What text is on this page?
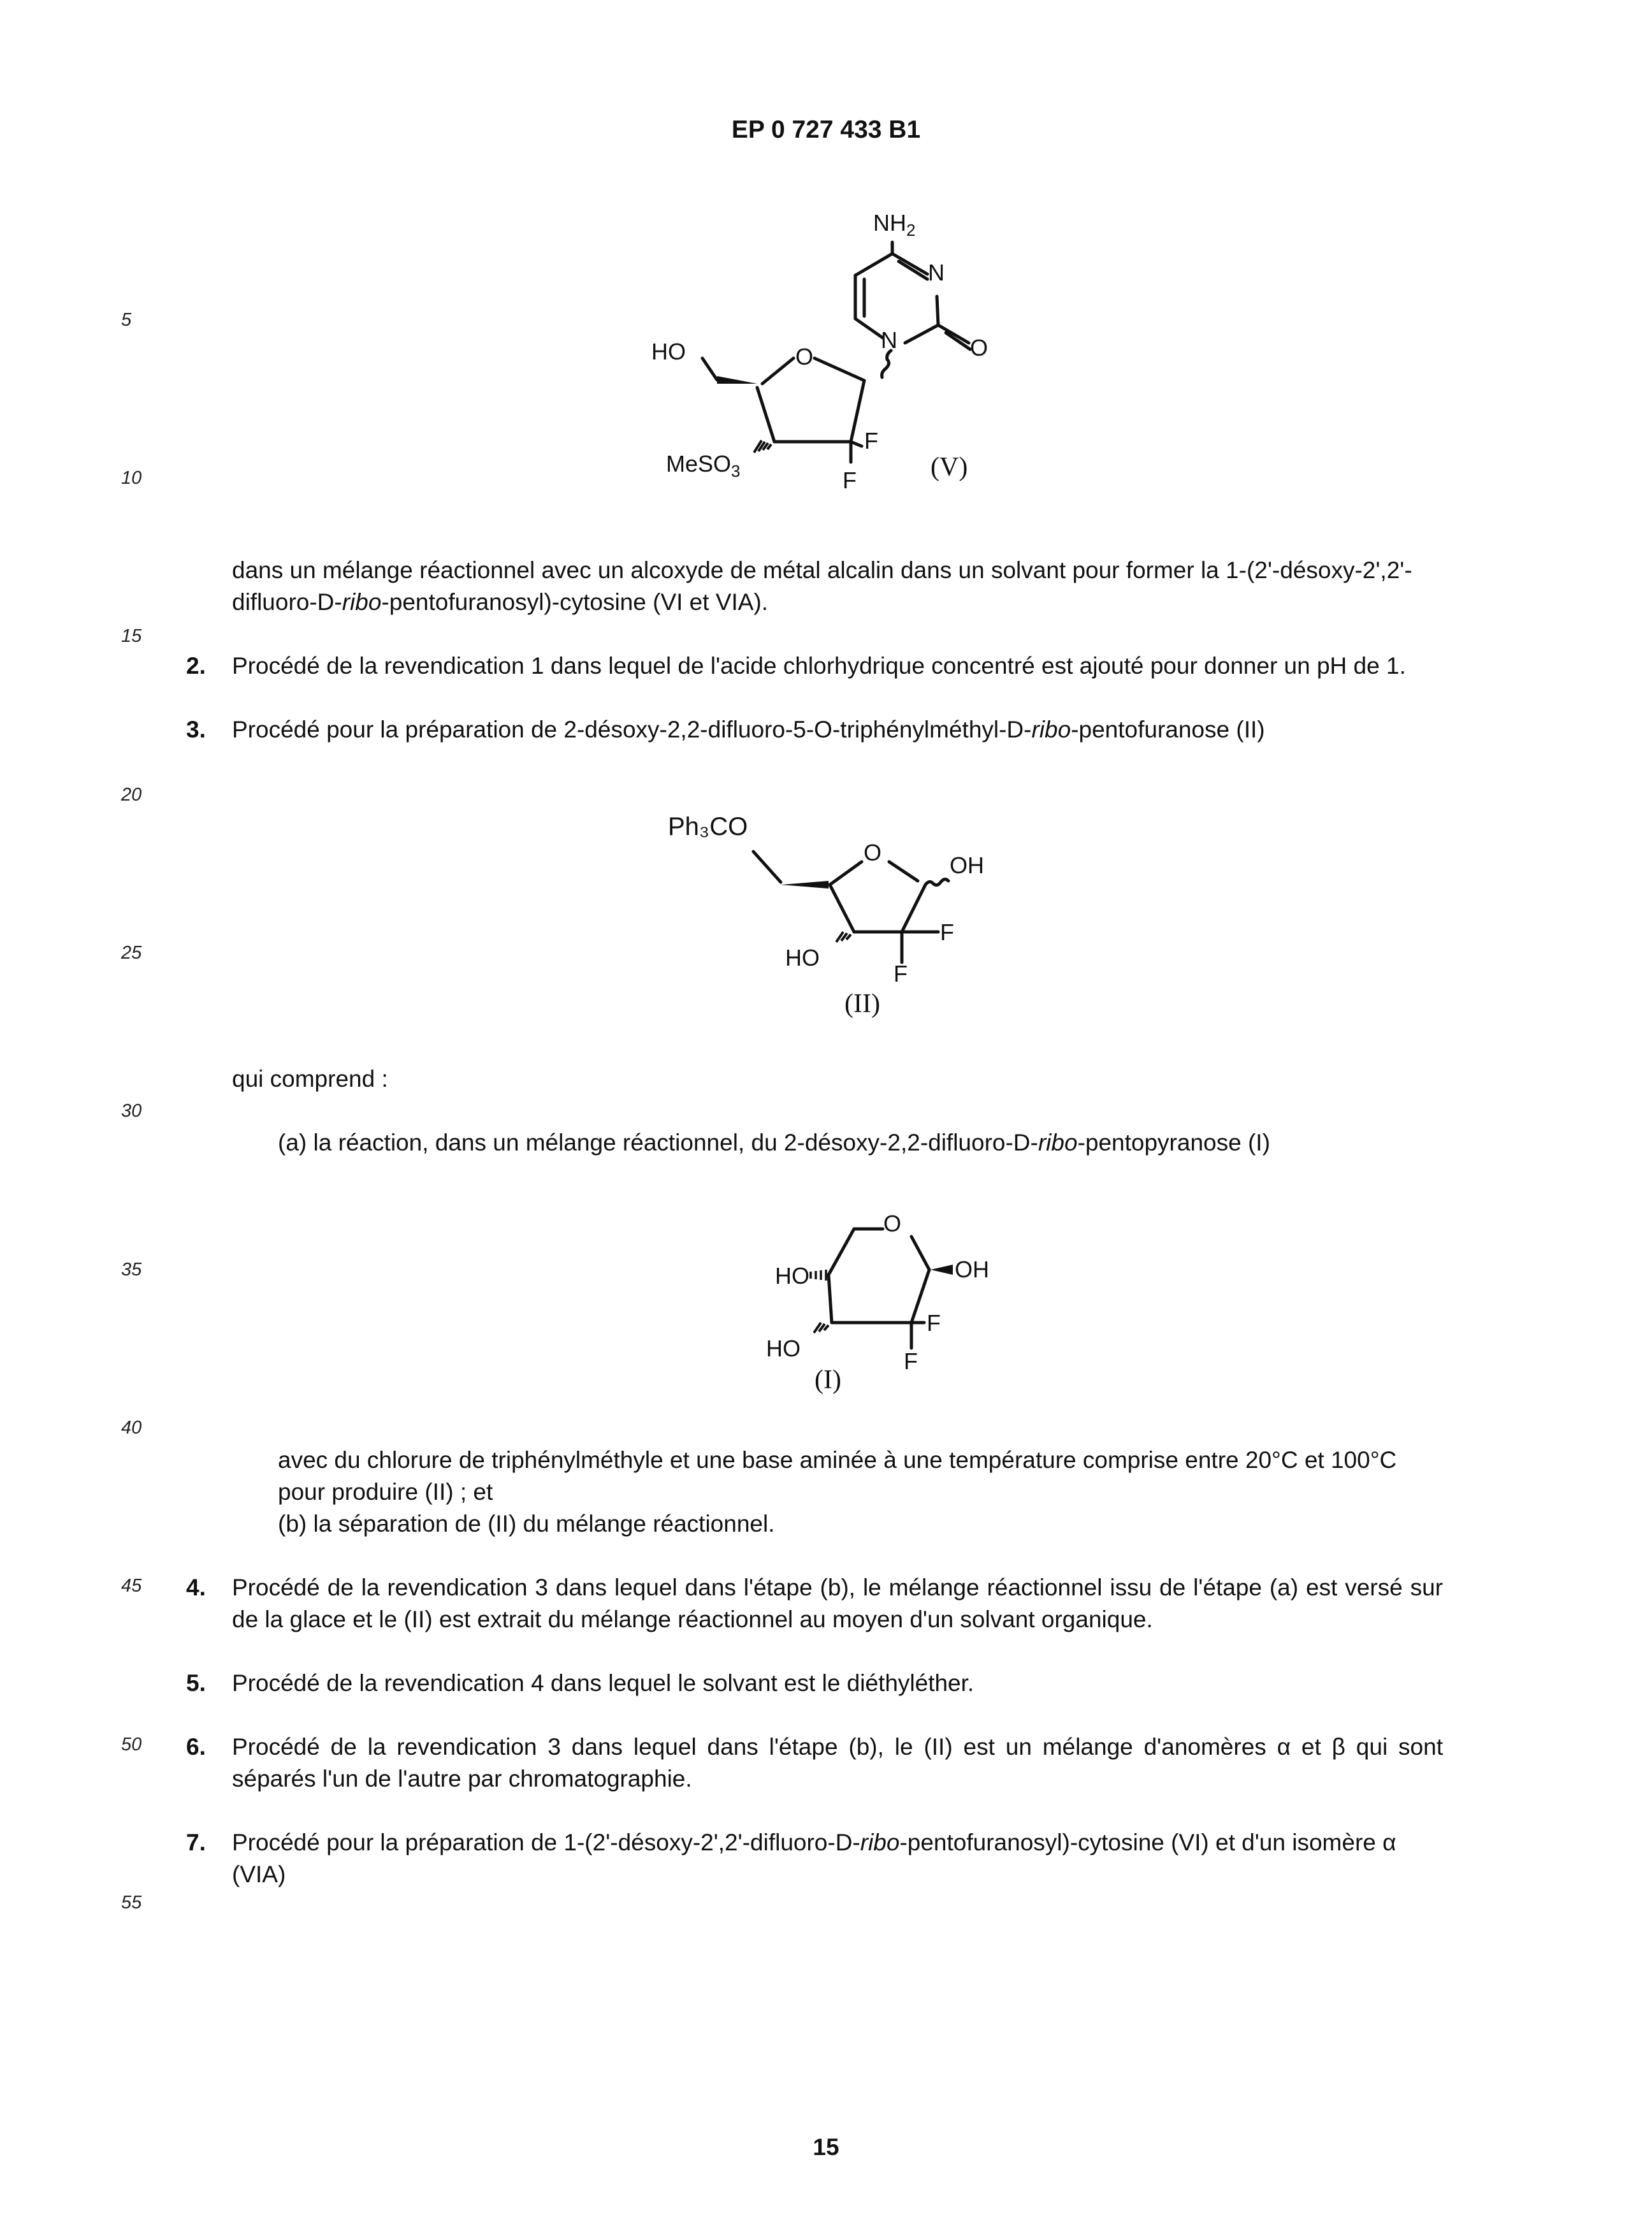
EP 0 727 433 B1
5
10
15
20
25
30
35
40
45
50
55
$NH_2$
N
O
N
HO	O
F
F
MeSO$_3$	(V)
dans un mélange réactionnel avec un alcoxyde de métal alcalin dans un solvant pour former la 1-(2'-désoxy-2',2'-difluoro-D-ribo-pentofuranosyl)-cytosine (VI et VIA).
2.	Procédé de la revendication 1 dans lequel de l'acide chlorhydrique concentré est ajouté pour donner un pH de 1.
3.	Procédé pour la préparation de 2-désoxy-2,2-difluoro-5-O-triphénylméthyl-D-ribo-pentofuranose (II)
Ph₃CO
O	OH
F
F
HO
(II)
qui comprend :
(a) la réaction, dans un mélange réactionnel, du 2-désoxy-2,2-difluoro-D-ribo-pentopyranose (I)
O
OH
HO
F
F
HO
(I)
avec du chlorure de triphénylméthyle et une base aminée à une température comprise entre 20°C et 100°C
pour produire (II) ; et
(b) la séparation de (II) du mélange réactionnel.
4.	Procédé de la revendication 3 dans lequel dans l'étape (b), le mélange réactionnel issu de l'étape (a) est versé sur de la glace et le (II) est extrait du mélange réactionnel au moyen d'un solvant organique.
5.	Procédé de la revendication 4 dans lequel le solvant est le diéthyléther.
6.	Procédé de la revendication 3 dans lequel dans l'étape (b), le (II) est un mélange d'anomères α et β qui sont séparés l'un de l'autre par chromatographie.
7.	Procédé pour la préparation de 1-(2'-désoxy-2',2'-difluoro-D-ribo-pentofuranosyl)-cytosine (VI) et d'un isomère α (VIA)
15
